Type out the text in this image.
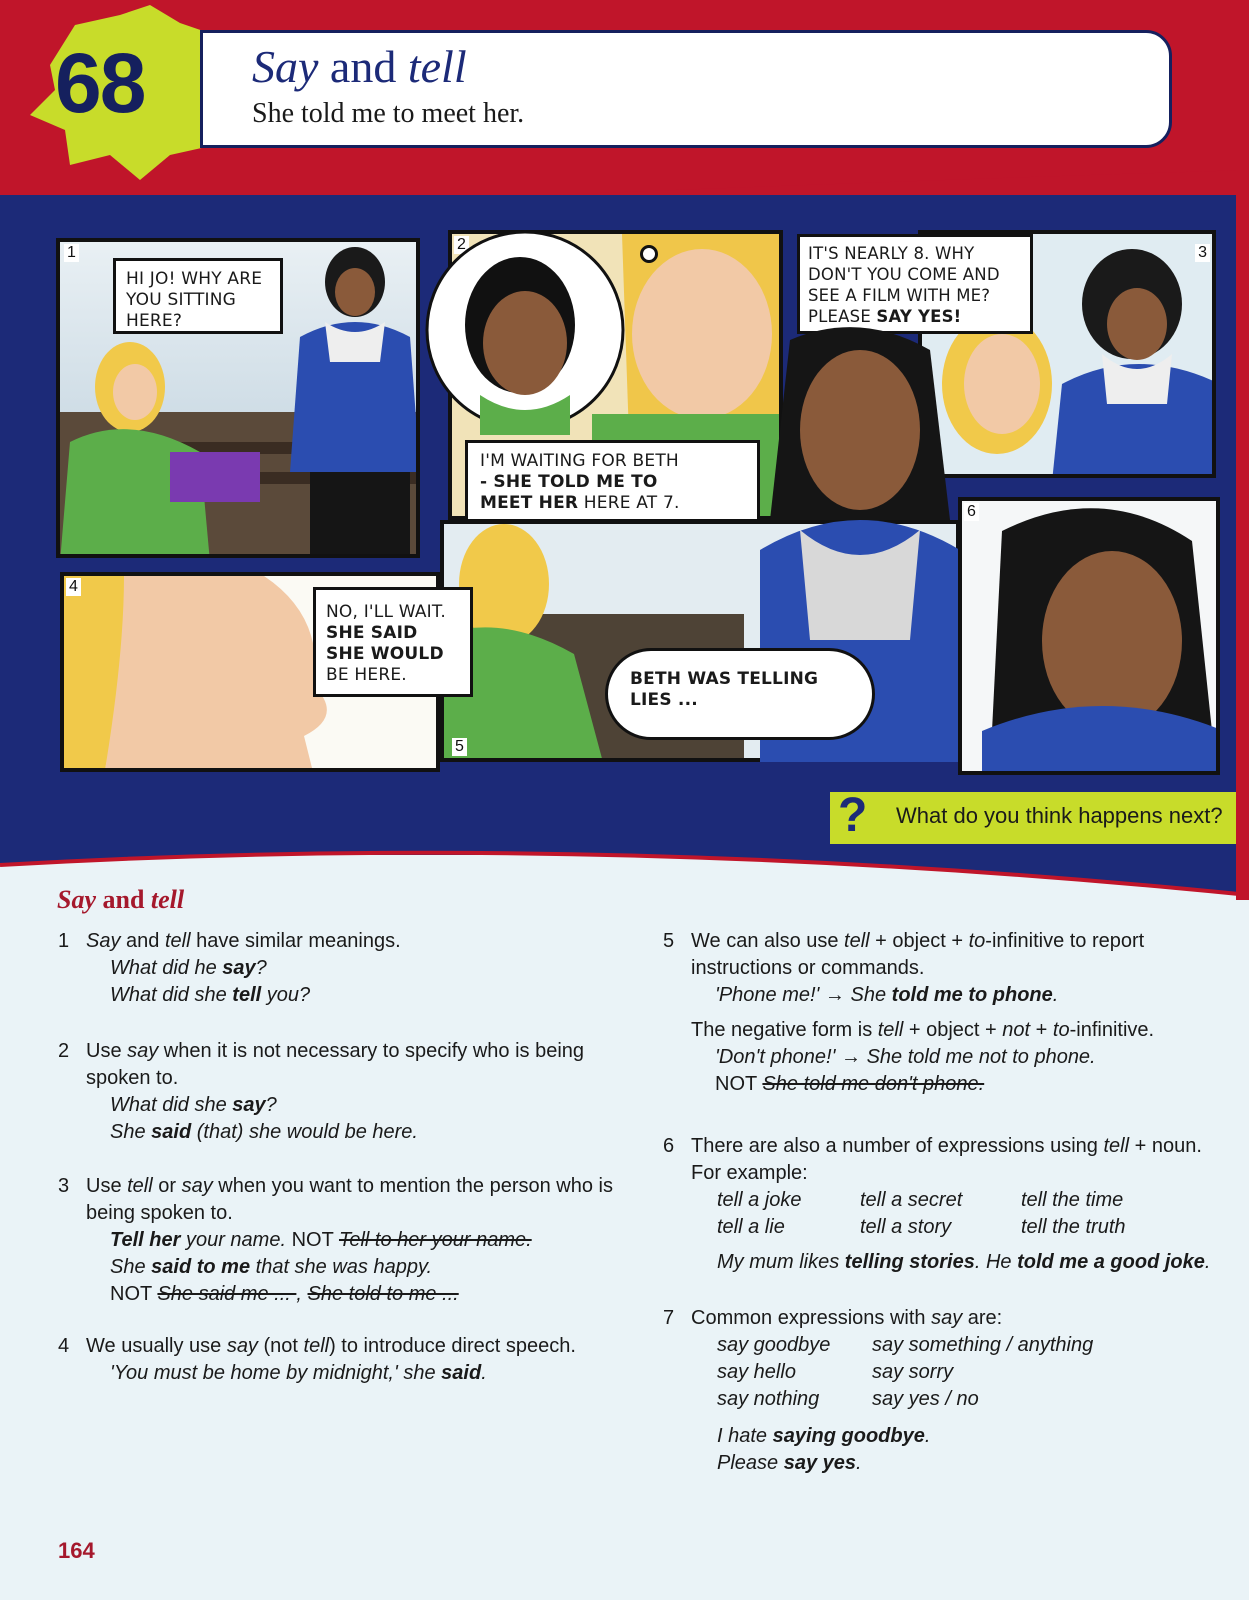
68 Say and tell
She told me to meet her.
1
HI JO! WHY ARE YOU SITTING HERE?
2
I'M WAITING FOR BETH
- SHE TOLD ME TO
MEET HER HERE AT 7.
3
IT'S NEARLY 8. WHY DON'T YOU COME AND SEE A FILM WITH ME? PLEASE SAY YES!
5
BETH WAS TELLING LIES ...
4
NO, I'LL WAIT.
SHE SAID
SHE WOULD
BE HERE.
6
? What do you think happens next?
Say and tell
1 Say and tell have similar meanings.
What did he say?
What did she tell you?
2 Use say when it is not necessary to specify who is being spoken to.
What did she say?
She said (that) she would be here.
3 Use tell or say when you want to mention the person who is being spoken to.
Tell her your name. NOT Tell to her your name.
She said to me that she was happy.
NOT She said me ... , She told to me ...
4 We usually use say (not tell) to introduce direct speech.
'You must be home by midnight,' she said.
5 We can also use tell + object + to-infinitive to report instructions or commands.
'Phone me!' → She told me to phone.
The negative form is tell + object + not + to-infinitive.
'Don't phone!' → She told me not to phone.
NOT She told me don't phone.
6 There are also a number of expressions using tell + noun. For example:
tell a joke	tell a secret	tell the time
tell a lie	tell a story	tell the truth
My mum likes telling stories. He told me a good joke.
7 Common expressions with say are:
say goodbye say something / anything
say hello	say sorry
say nothing	say yes / no
I hate saying goodbye.
Please say yes.
164
